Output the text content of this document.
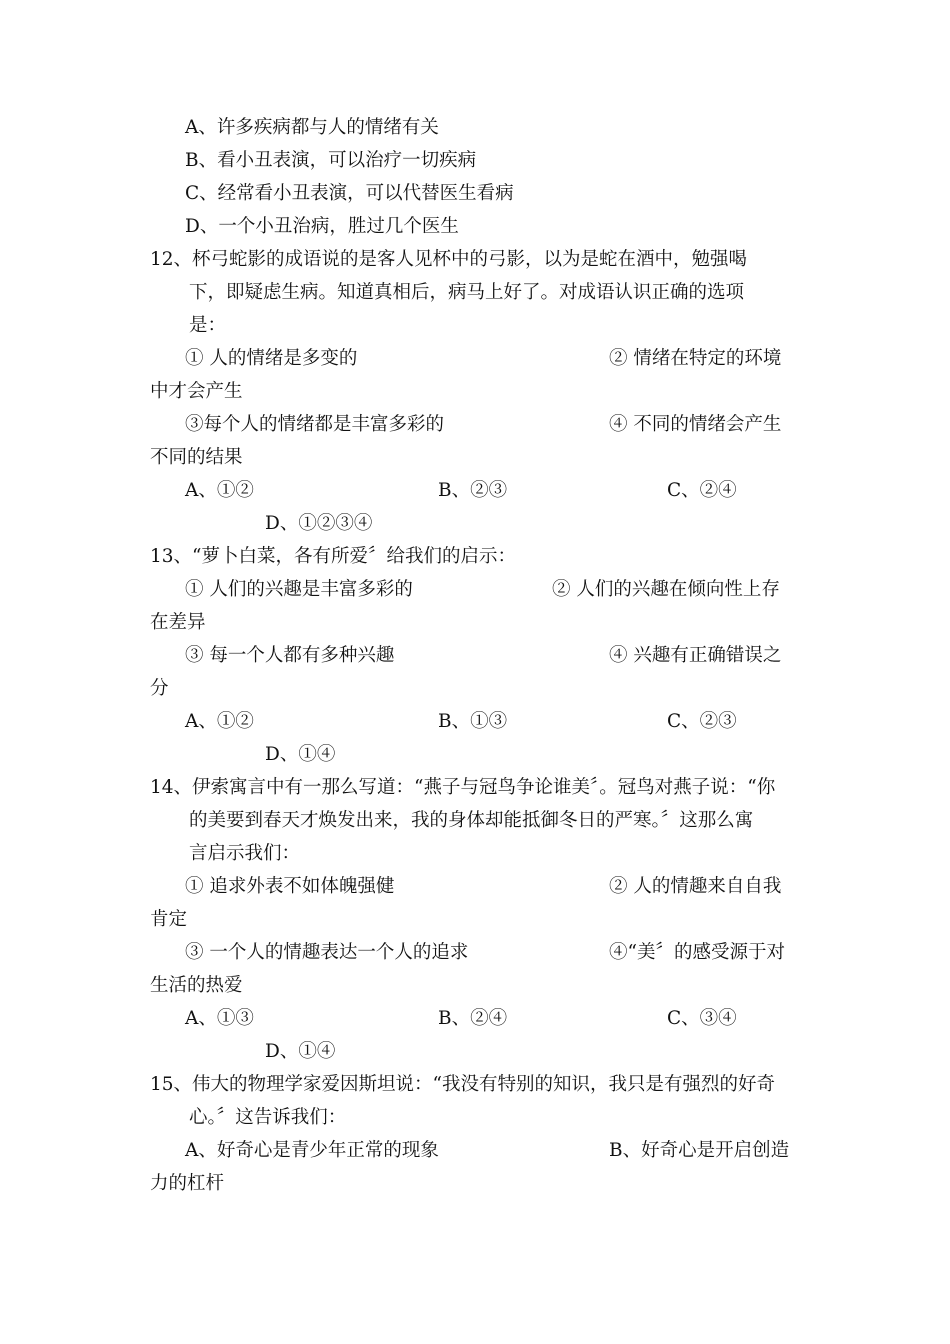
A、许多疾病都与人的情绪有关
B、看小丑表演，可以治疗一切疾病
C、经常看小丑表演，可以代替医生看病
D、一个小丑治病，胜过几个医生
12、杯弓蛇影的成语说的是客人见杯中的弓影，以为是蛇在酒中，勉强喝
下，即疑虑生病。知道真相后，病马上好了。对成语认识正确的选项
是：
① 人的情绪是多变的	② 情绪在特定的环境
中才会产生
③每个人的情绪都是丰富多彩的	④ 不同的情绪会产生
不同的结果
A、①②	B、②③	C、②④
D、①②③④
13、“萝卜白菜，各有所爱〞给我们的启示：
① 人们的兴趣是丰富多彩的	② 人们的兴趣在倾向性上存
在差异
③ 每一个人都有多种兴趣	④ 兴趣有正确错误之
分
A、①②	B、①③	C、②③
D、①④
14、伊索寓言中有一那么写道：“燕子与冠鸟争论谁美〞。冠鸟对燕子说：“你
的美要到春天才焕发出来，我的身体却能抵御冬日的严寒。〞这那么寓
言启示我们：
① 追求外表不如体魄强健	② 人的情趣来自自我
肯定
③ 一个人的情趣表达一个人的追求	④“美〞的感受源于对
生活的热爱
A、①③	B、②④	C、③④
D、①④
15、伟大的物理学家爱因斯坦说：“我没有特别的知识，我只是有强烈的好奇
心。〞这告诉我们：
A、好奇心是青少年正常的现象	B、好奇心是开启创造
力的杠杆
